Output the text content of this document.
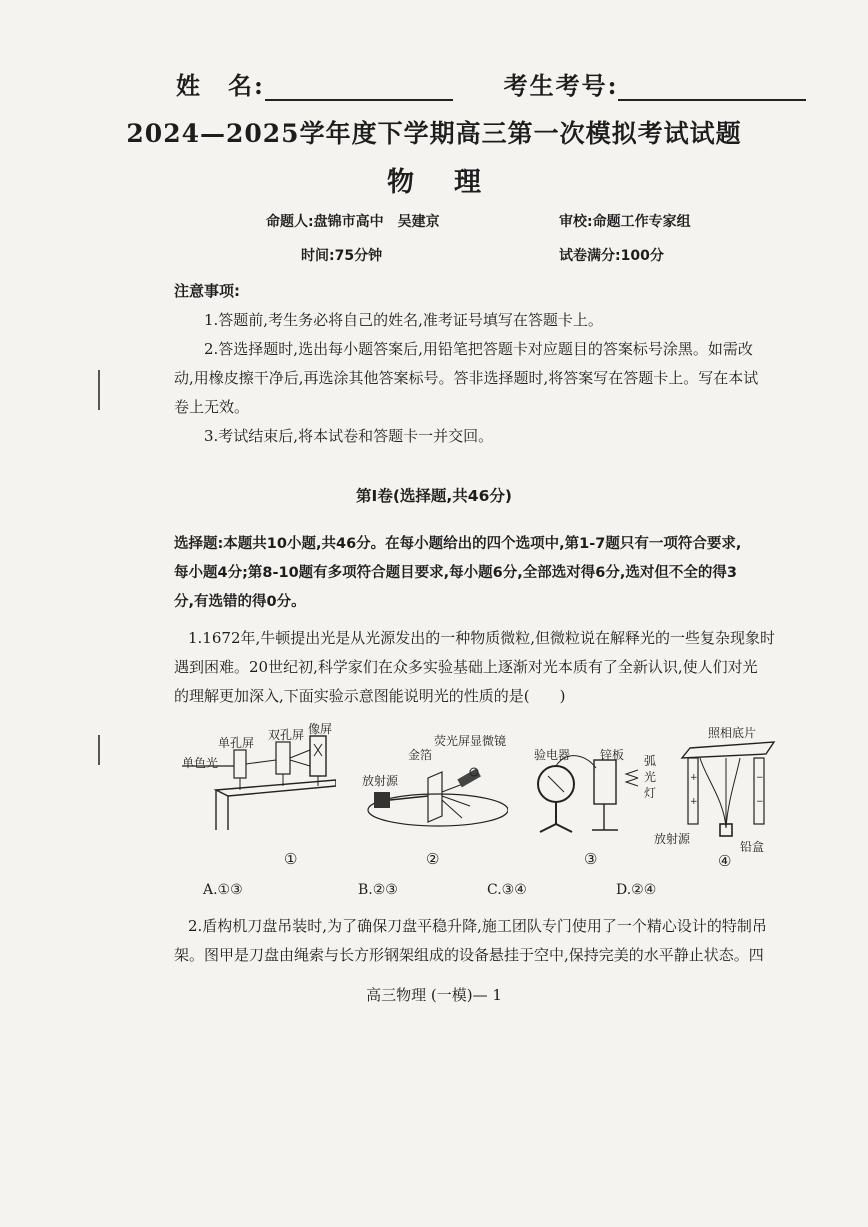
姓　名:	考生考号:
2024—2025学年度下学期高三第一次模拟考试试题
物理
命题人:盘锦市高中　吴建京	审校:命题工作专家组
时间:75分钟	试卷满分:100分
注意事项:
1.答题前,考生务必将自己的姓名,准考证号填写在答题卡上。
2.答选择题时,选出每小题答案后,用铅笔把答题卡对应题目的答案标号涂黑。如需改
动,用橡皮擦干净后,再选涂其他答案标号。答非选择题时,将答案写在答题卡上。写在本试
卷上无效。
3.考试结束后,将本试卷和答题卡一并交回。
第Ⅰ卷(选择题,共46分)
选择题:本题共10小题,共46分。在每小题给出的四个选项中,第1-7题只有一项符合要求,
每小题4分;第8-10题有多项符合题目要求,每小题6分,全部选对得6分,选对但不全的得3
分,有选错的得0分。
1.1672年,牛顿提出光是从光源发出的一种物质微粒,但微粒说在解释光的一些复杂现象时
遇到困难。20世纪初,科学家们在众多实验基础上逐渐对光本质有了全新认识,使人们对光
的理解更加深入,下面实验示意图能说明光的性质的是(　　)
单色光
单孔屏
双孔屏 像屏
①
放射源
金箔
荧光屏 显微镜
②
验电器 锌板 弧
光
灯
③
+
+
−
−
照相底片
放射源
铅盒
④
A.①③	B.②③	C.③④	D.②④
2.盾构机刀盘吊装时,为了确保刀盘平稳升降,施工团队专门使用了一个精心设计的特制吊
架。图甲是刀盘由绳索与长方形钢架组成的设备悬挂于空中,保持完美的水平静止状态。四
高三物理 (一模)— 1
